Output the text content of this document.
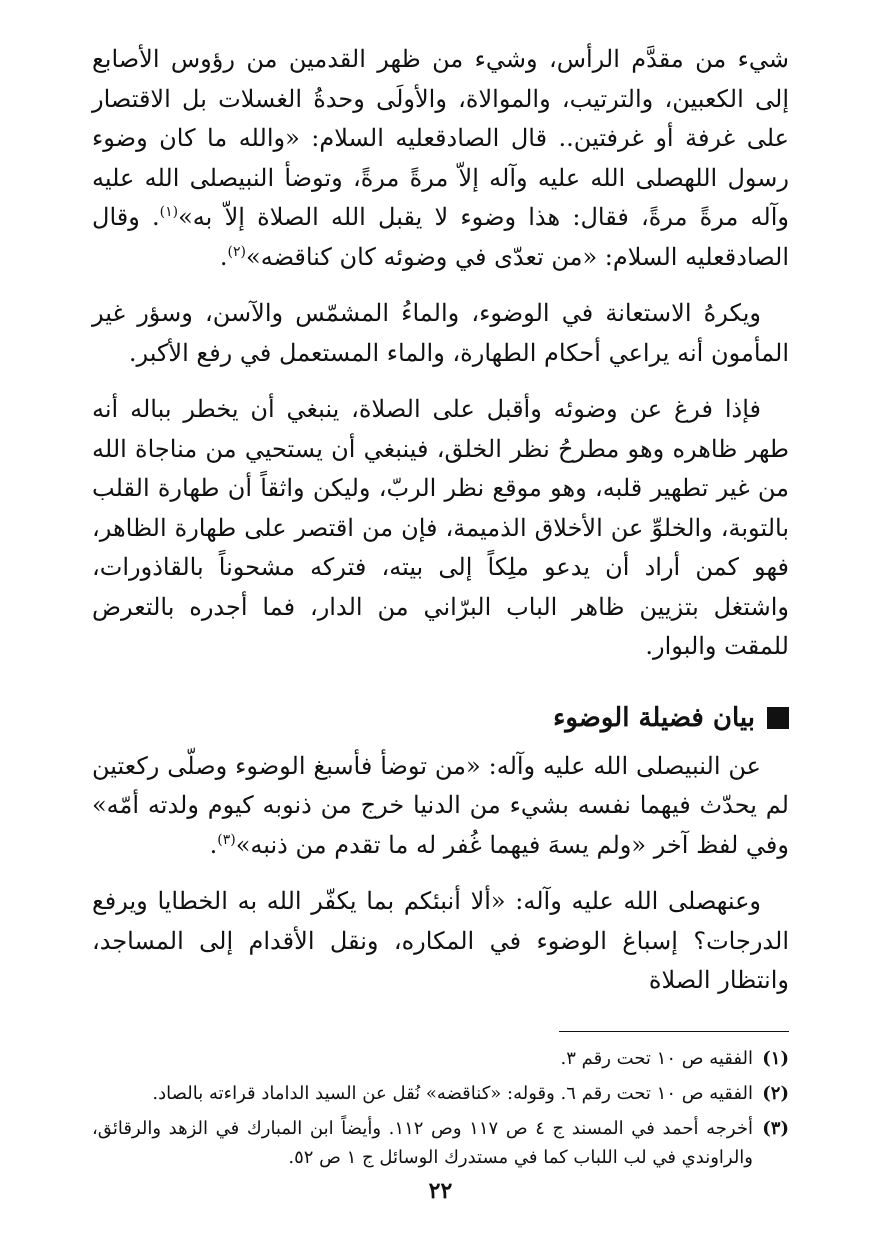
شيء من مقدَّم الرأس، وشيء من ظهر القدمين من رؤوس الأصابع إلى الكعبين، والترتيب، والموالاة، والأولَى وحدةُ الغسلات بل الاقتصار على غرفة أو غرفتين.. قال الصادقعليه السلام: «والله ما كان وضوء رسول اللهصلى الله عليه وآله إلاّ مرةً مرةً، وتوضأ النبيصلى الله عليه وآله مرةً مرةً، فقال: هذا وضوء لا يقبل الله الصلاة إلاّ به»$^{(١)}$. وقال الصادقعليه السلام: «من تعدّى في وضوئه كان كناقضه»$^{(٢)}$.

ويكرهُ الاستعانة في الوضوء، والماءُ المشمّس والآسن، وسؤر غير المأمون أنه يراعي أحكام الطهارة، والماء المستعمل في رفع الأكبر.

فإذا فرغ عن وضوئه وأقبل على الصلاة، ينبغي أن يخطر بباله أنه طهر ظاهره وهو مطرحُ نظر الخلق، فينبغي أن يستحيي من مناجاة الله من غير تطهير قلبه، وهو موقع نظر الربّ، وليكن واثقاً أن طهارة القلب بالتوبة، والخلوِّ عن الأخلاق الذميمة، فإن من اقتصر على طهارة الظاهر، فهو كمن أراد أن يدعو ملِكاً إلى بيته، فتركه مشحوناً بالقاذورات، واشتغل بتزيين ظاهر الباب البرّاني من الدار، فما أجدره بالتعرض للمقت والبوار.

بيان فضيلة الوضوء

عن النبيصلى الله عليه وآله: «من توضأ فأسبغ الوضوء وصلّى ركعتين لم يحدّث فيهما نفسه بشيء من الدنيا خرج من ذنوبه كيوم ولدته أمّه» وفي لفظ آخر «ولم يسهَ فيهما غُفر له ما تقدم من ذنبه»$^{(٣)}$.

وعنهصلى الله عليه وآله: «ألا أنبئكم بما يكفّر الله به الخطايا ويرفع الدرجات؟ إسباغ الوضوء في المكاره، ونقل الأقدام إلى المساجد، وانتظار الصلاة

(١)
الفقيه ص ١٠ تحت رقم ٣.
(٢)
الفقيه ص ١٠ تحت رقم ٦. وقوله: «كناقضه» نُقل عن السيد الداماد قراءته بالصاد.
(٣)
أخرجه أحمد في المسند ج ٤ ص ١١٧ وص ١١٢. وأيضاً ابن المبارك في الزهد والرقائق، والراوندي في لب اللباب كما في مستدرك الوسائل ج ١ ص ٥٢.
٢٢
